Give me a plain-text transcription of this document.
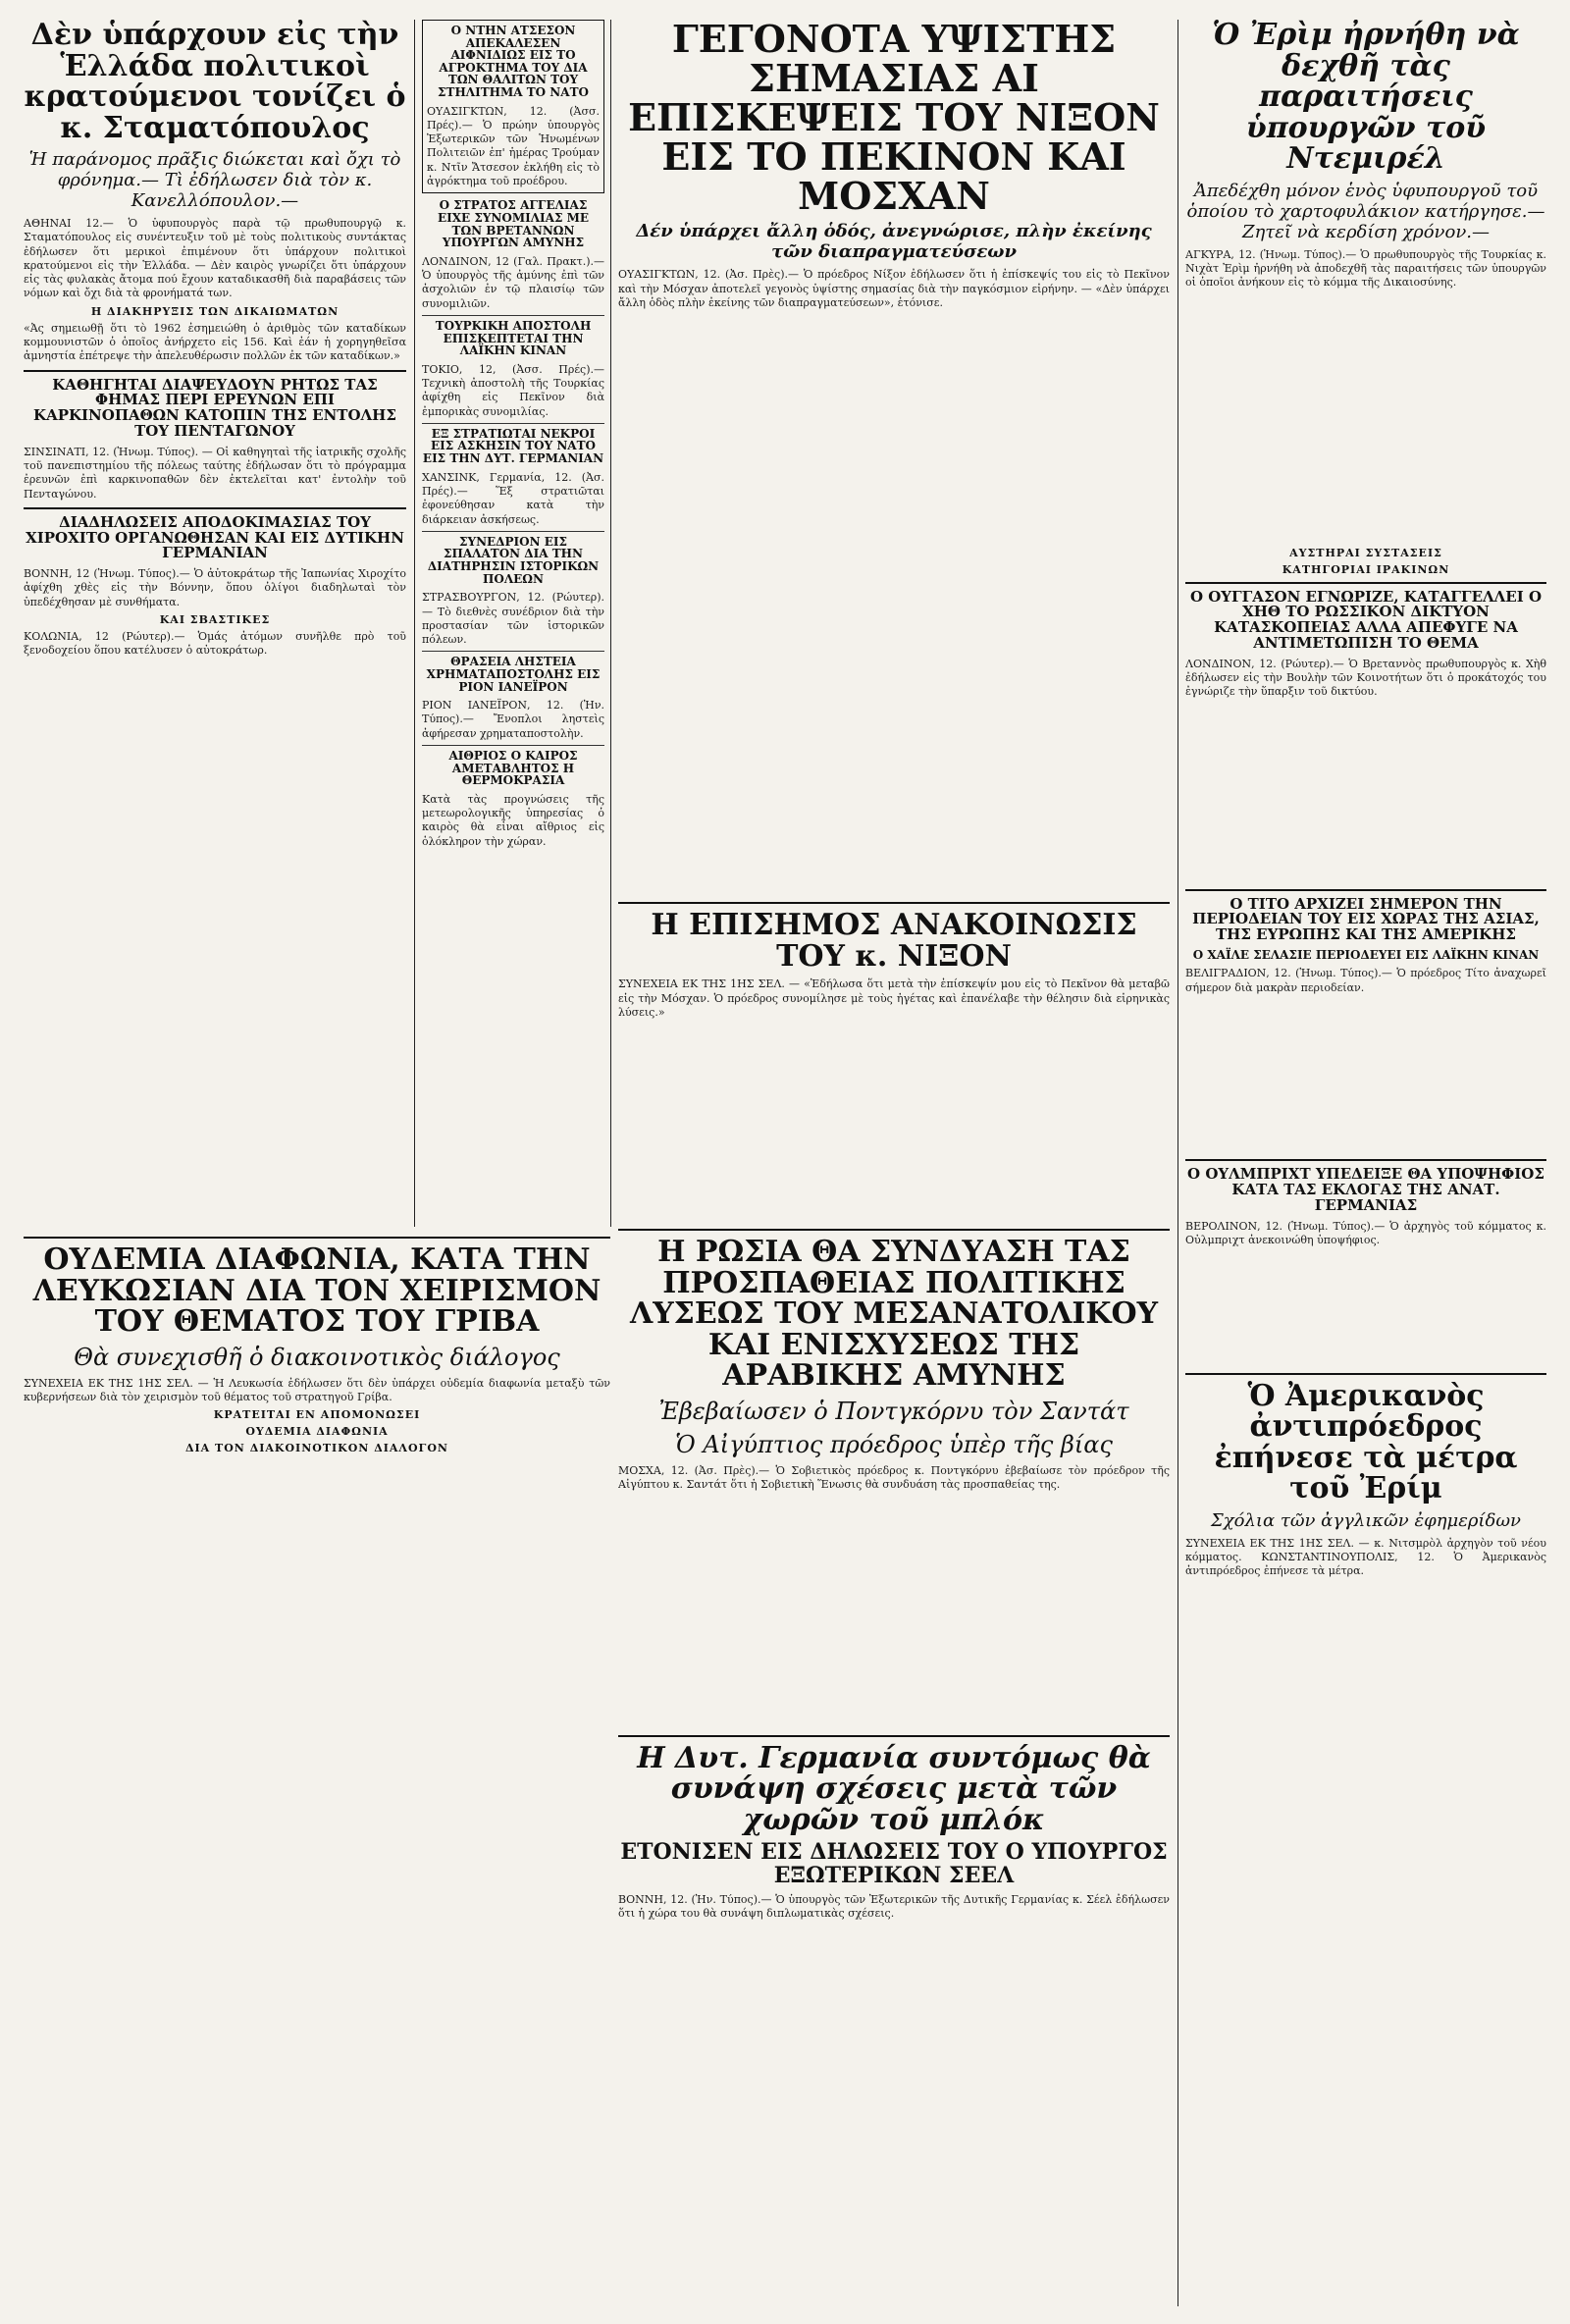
Δὲν ὑπάρχουν εἰς τὴν Ἑλλάδα πολιτικοὶ κρατούμενοι τονίζει ὁ κ. Σταματόπουλος
Ἡ παράνομος πρᾶξις διώκεται καὶ ὄχι τὸ φρόνημα.— Τὶ ἐδήλωσεν διὰ τὸν κ. Κανελλόπουλον.—

ΑΘΗΝΑΙ 12.— Ὁ ὑφυπουργὸς παρὰ τῷ πρωθυπουργῷ κ. Σταματόπουλος εἰς συνέντευξιν τοῦ μὲ τοὺς πολιτικοὺς συντάκτας ἐδήλωσεν ὅτι μερικοὶ ἐπιμένουν ὅτι ὑπάρχουν πολιτικοὶ κρατούμενοι εἰς τὴν Ἑλλάδα. — Δὲν καιρὸς γνωρίζει ὅτι ὑπάρχουν εἰς τὰς φυλακὰς ἄτομα πού ἔχουν καταδικασθῆ διὰ παραβάσεις τῶν νόμων καὶ ὄχι διὰ τὰ φρονήματά των.

Η ΔΙΑΚΗΡΥΞΙΣ ΤΩΝ ΔΙΚΑΙΩΜΑΤΩΝ

«Ἀς σημειωθῇ ὅτι τὸ 1962 ἐσημειώθη ὁ ἀριθμὸς τῶν καταδίκων κομμουνιστῶν ὁ ὁποῖος ἀνήρχετο εἰς 156. Καὶ ἐάν ἡ χορηγηθεῖσα ἀμνηστία ἐπέτρεψε τὴν ἀπελευθέρωσιν πολλῶν ἐκ τῶν καταδίκων.»

ΚΑΘΗΓΗΤΑΙ ΔΙΑΨΕΥΔΟΥΝ ΡΗΤΩΣ ΤΑΣ ΦΗΜΑΣ ΠΕΡΙ ΕΡΕΥΝΩΝ ΕΠΙ ΚΑΡΚΙΝΟΠΑΘΩΝ ΚΑΤΟΠΙΝ ΤΗΣ ΕΝΤΟΛΗΣ ΤΟΥ ΠΕΝΤΑΓΩΝΟΥ

ΣΙΝΣΙΝΑΤΙ, 12. (Ἡνωμ. Τύπος). — Οἱ καθηγηταὶ τῆς ἰατρικῆς σχολῆς τοῦ πανεπιστημίου τῆς πόλεως ταύτης ἐδήλωσαν ὅτι τὸ πρόγραμμα ἐρευνῶν ἐπὶ καρκινοπαθῶν δὲν ἐκτελεῖται κατ' ἐντολὴν τοῦ Πενταγώνου.

ΔΙΑΔΗΛΩΣΕΙΣ ΑΠΟΔΟΚΙΜΑΣΙΑΣ ΤΟΥ ΧΙΡΟΧΙΤΟ ΟΡΓΑΝΩΘΗΣΑΝ ΚΑΙ ΕΙΣ ΔΥΤΙΚΗΝ ΓΕΡΜΑΝΙΑΝ

ΒΟΝΝΗ, 12 (Ἡνωμ. Τύπος).— Ὁ ἀὐτοκράτωρ τῆς Ἰαπωνίας Χιροχίτο ἀφίχθη χθὲς εἰς τὴν Βόννην, ὅπου ὀλίγοι διαδηλωταὶ τὸν ὑπεδέχθησαν μὲ συνθήματα.

ΚΑΙ ΣΒΑΣΤΙΚΕΣ

ΚΟΛΩΝΙΑ, 12 (Ρώυτερ).— Ὁμάς ἀτόμων συνῆλθε πρὸ τοῦ ξενοδοχείου ὅπου κατέλυσεν ὁ αὐτοκράτωρ.

Ο ΝΤΗΝ ΑΤΣΕΣΟΝ ΑΠΕΚΑΛΕΣΕΝ ΑΙΦΝΙΔΙΩΣ ΕΙΣ ΤΟ ΑΓΡΟΚΤΗΜΑ ΤΟΥ ΔΙΑ ΤΩΝ ΘΑΛΙΤΩΝ ΤΟΥ ΣΤΗΛΙΤΗΜΑ ΤΟ ΝΑΤΟ

ΟΥΑΣΙΓΚΤΩΝ, 12. (Ἀσσ. Πρές).— Ὁ πρώην ὑπουργὸς Ἐξωτερικῶν τῶν Ἡνωμένων Πολιτειῶν ἐπ' ἡμέρας Τρούμαν κ. Ντῖν Ἄτσεσον ἐκλήθη εἰς τὸ ἀγρόκτημα τοῦ προέδρου.

Ο ΣΤΡΑΤΟΣ ΑΓΓΕΛΙΑΣ ΕΙΧΕ ΣΥΝΟΜΙΛΙΑΣ ΜΕ ΤΩΝ ΒΡΕΤΑΝΝΩΝ ΥΠΟΥΡΓΩΝ ΑΜΥΝΗΣ

ΛΟΝΔΙΝΟΝ, 12 (Γαλ. Πρακτ.).— Ὁ ὑπουργὸς τῆς ἀμύνης ἐπὶ τῶν ἀσχολιῶν ἐν τῷ πλαισίῳ τῶν συνομιλιῶν.

ΤΟΥΡΚΙΚΗ ΑΠΟΣΤΟΛΗ ΕΠΙΣΚΕΠΤΕΤΑΙ ΤΗΝ ΛΑΪΚΗΝ ΚΙΝΑΝ

ΤΟΚΙΟ, 12, (Ἀσσ. Πρές).— Τεχνικὴ ἀποστολὴ τῆς Τουρκίας ἀφίχθη εἰς Πεκῖνον διὰ ἐμπορικὰς συνομιλίας.

ΕΞ ΣΤΡΑΤΙΩΤΑΙ ΝΕΚΡΟΙ ΕΙΣ ΑΣΚΗΣΙΝ ΤΟΥ ΝΑΤΟ ΕΙΣ ΤΗΝ ΔΥΤ. ΓΕΡΜΑΝΙΑΝ

ΧΑΝΣΙΝΚ, Γερμανία, 12. (Ἀσ. Πρές).— Ἕξ στρατιῶται ἐφονεύθησαν κατὰ τὴν διάρκειαν ἀσκήσεως.

ΣΥΝΕΔΡΙΟΝ ΕΙΣ ΣΠΑΛΑΤΟΝ ΔΙΑ ΤΗΝ ΔΙΑΤΗΡΗΣΙΝ ΙΣΤΟΡΙΚΩΝ ΠΟΛΕΩΝ

ΣΤΡΑΣΒΟΥΡΓΟΝ, 12. (Ρώυτερ).— Τὸ διεθνὲς συνέδριον διὰ τὴν προστασίαν τῶν ἱστορικῶν πόλεων.

ΘΡΑΣΕΙΑ ΛΗΣΤΕΙΑ ΧΡΗΜΑΤΑΠΟΣΤΟΛΗΣ ΕΙΣ ΡΙΟΝ ΙΑΝΕΪΡΟΝ

ΡΙΟΝ ΙΑΝΕΪΡΟΝ, 12. (Ἡν. Τύπος).— Ἔνοπλοι ληστεὶς ἀφήρεσαν χρηματαποστολὴν.

ΑΙΘΡΙΟΣ Ο ΚΑΙΡΟΣ ΑΜΕΤΑΒΛΗΤΟΣ Η ΘΕΡΜΟΚΡΑΣΙΑ

Κατὰ τὰς προγνώσεις τῆς μετεωρολογικῆς ὑπηρεσίας ὁ καιρὸς θὰ εἶναι αἴθριος εἰς ὁλόκληρον τὴν χώραν.

ΓΕΓΟΝΟΤΑ ΥΨΙΣΤΗΣ ΣΗΜΑΣΙΑΣ ΑΙ ΕΠΙΣΚΕΨΕΙΣ ΤΟΥ ΝΙΞΟΝ ΕΙΣ ΤΟ ΠΕΚΙΝΟΝ ΚΑΙ ΜΟΣΧΑΝ
Δέν ὑπάρχει ἄλλη ὁδός, ἀνεγνώρισε, πλὴν ἐκείνης τῶν διαπραγματεύσεων

ΟΥΑΣΙΓΚΤΩΝ, 12. (Ἀσ. Πρὲς).— Ὁ πρόεδρος Νίξον ἐδήλωσεν ὅτι ἡ ἐπίσκεψίς του εἰς τὸ Πεκῖνον καὶ τὴν Μόσχαν ἀποτελεῖ γεγονὸς ὑψίστης σημασίας διὰ τὴν παγκόσμιον εἰρήνην. — «Δὲν ὑπάρχει ἄλλη ὁδὸς πλὴν ἐκείνης τῶν διαπραγματεύσεων», ἐτόνισε.

Η ΕΠΙΣΗΜΟΣ ΑΝΑΚΟΙΝΩΣΙΣ ΤΟΥ κ. ΝΙΞΟΝ

ΣΥΝΕΧΕΙΑ ΕΚ ΤΗΣ 1ΗΣ ΣΕΛ. — «Ἐδήλωσα ὅτι μετὰ τὴν ἐπίσκεψίν μου εἰς τὸ Πεκῖνον θὰ μεταβῶ εἰς τὴν Μόσχαν. Ὁ πρόεδρος συνομίλησε μὲ τοὺς ἡγέτας καὶ ἐπανέλαβε τὴν θέλησιν διὰ εἰρηνικὰς λύσεις.»

Η ΡΩΣΙΑ ΘΑ ΣΥΝΔΥΑΣΗ ΤΑΣ ΠΡΟΣΠΑΘΕΙΑΣ ΠΟΛΙΤΙΚΗΣ ΛΥΣΕΩΣ ΤΟΥ ΜΕΣΑΝΑΤΟΛΙΚΟΥ ΚΑΙ ΕΝΙΣΧΥΣΕΩΣ ΤΗΣ ΑΡΑΒΙΚΗΣ ΑΜΥΝΗΣ
Ἐβεβαίωσεν ὁ Ποντγκόρνυ τὸν Σαντάτ
Ὁ Αἰγύπτιος πρόεδρος ὑπὲρ τῆς βίας

ΜΟΣΧΑ, 12. (Ἀσ. Πρὲς).— Ὁ Σοβιετικὸς πρόεδρος κ. Ποντγκόρνυ ἐβεβαίωσε τὸν πρόεδρον τῆς Αἰγύπτου κ. Σαντάτ ὅτι ἡ Σοβιετικὴ Ἕνωσις θὰ συνδυάση τὰς προσπαθείας της.

Η Δυτ. Γερμανία συντόμως θὰ συνάψη σχέσεις μετὰ τῶν χωρῶν τοῦ μπλόκ
ΕΤΟΝΙΣΕΝ ΕΙΣ ΔΗΛΩΣΕΙΣ ΤΟΥ Ο ΥΠΟΥΡΓΟΣ ΕΞΩΤΕΡΙΚΩΝ ΣΕΕΛ

ΒΟΝΝΗ, 12. (Ἡν. Τύπος).— Ὁ ὑπουργὸς τῶν Ἐξωτερικῶν τῆς Δυτικῆς Γερμανίας κ. Σέελ ἐδήλωσεν ὅτι ἡ χώρα του θὰ συνάψη διπλωματικὰς σχέσεις.

Ὁ Ἐρὶμ ἠρνήθη νὰ δεχθῆ τὰς παραιτήσεις ὑπουργῶν τοῦ Ντεμιρέλ
Ἀπεδέχθη μόνον ἑνὸς ὑφυπουργοῦ τοῦ ὁποίου τὸ χαρτοφυλάκιον κατήργησε.— Ζητεῖ νὰ κερδίση χρόνον.—

ΑΓΚΥΡΑ, 12. (Ἡνωμ. Τύπος).— Ὁ πρωθυπουργὸς τῆς Τουρκίας κ. Νιχὰτ Ἐρὶμ ἠρνήθη νὰ ἀποδεχθῆ τὰς παραιτήσεις τῶν ὑπουργῶν οἱ ὁποῖοι ἀνήκουν εἰς τὸ κόμμα τῆς Δικαιοσύνης.

ΑΥΣΤΗΡΑΙ ΣΥΣΤΑΣΕΙΣ
ΚΑΤΗΓΟΡΙΑΙ ΙΡΑΚΙΝΩΝ
Ο ΟΥΓΓΑΣΟΝ ΕΓΝΩΡΙΖΕ, ΚΑΤΑΓΓΕΛΛΕΙ Ο ΧΗΘ ΤΟ ΡΩΣΣΙΚΟΝ ΔΙΚΤΥΟΝ ΚΑΤΑΣΚΟΠΕΙΑΣ ΑΛΛΑ ΑΠΕΦΥΓΕ ΝΑ ΑΝΤΙΜΕΤΩΠΙΣΗ ΤΟ ΘΕΜΑ

ΛΟΝΔΙΝΟΝ, 12. (Ρώυτερ).— Ὁ Βρεταννὸς πρωθυπουργὸς κ. Χὴθ ἐδήλωσεν εἰς τὴν Βουλὴν τῶν Κοινοτήτων ὅτι ὁ προκάτοχός του ἐγνώριζε τὴν ὕπαρξιν τοῦ δικτύου.

Ο ΤΙΤΟ ΑΡΧΙΖΕΙ ΣΗΜΕΡΟΝ ΤΗΝ ΠΕΡΙΟΔΕΙΑΝ ΤΟΥ ΕΙΣ ΧΩΡΑΣ ΤΗΣ ΑΣΙΑΣ, ΤΗΣ ΕΥΡΩΠΗΣ ΚΑΙ ΤΗΣ ΑΜΕΡΙΚΗΣ
Ο ΧΑΪΛΕ ΣΕΛΑΣΙΕ ΠΕΡΙΟΔΕΥΕΙ ΕΙΣ ΛΑΪΚΗΝ ΚΙΝΑΝ

ΒΕΛΙΓΡΑΔΙΟΝ, 12. (Ἡνωμ. Τύπος).— Ὁ πρόεδρος Τίτο ἀναχωρεῖ σήμερον διὰ μακρὰν περιοδείαν.

Ο ΟΥΛΜΠΡΙΧΤ ΥΠΕΔΕΙΞΕ ΘΑ ΥΠΟΨΗΦΙΟΣ ΚΑΤΑ ΤΑΣ ΕΚΛΟΓΑΣ ΤΗΣ ΑΝΑΤ. ΓΕΡΜΑΝΙΑΣ

ΒΕΡΟΛΙΝΟΝ, 12. (Ἡνωμ. Τύπος).— Ὁ ἀρχηγὸς τοῦ κόμματος κ. Οὐλμπριχτ ἀνεκοινώθη ὑποψήφιος.

Ὁ Ἀμερικανὸς ἀντιπρόεδρος ἐπήνεσε τὰ μέτρα τοῦ Ἐρίμ
Σχόλια τῶν ἀγγλικῶν ἐφημερίδων

ΣΥΝΕΧΕΙΑ ΕΚ ΤΗΣ 1ΗΣ ΣΕΛ. — κ. Νιτσμρὸλ ἀρχηγὸν τοῦ νέου κόμματος. ΚΩΝΣΤΑΝΤΙΝΟΥΠΟΛΙΣ, 12. Ὁ Ἀμερικανὸς ἀντιπρόεδρος ἐπήνεσε τὰ μέτρα.

ΟΥΔΕΜΙΑ ΔΙΑΦΩΝΙΑ, ΚΑΤΑ ΤΗΝ ΛΕΥΚΩΣΙΑΝ ΔΙΑ ΤΟΝ ΧΕΙΡΙΣΜΟΝ ΤΟΥ ΘΕΜΑΤΟΣ ΤΟΥ ΓΡΙΒΑ
Θὰ συνεχισθῆ ὁ διακοινοτικὸς διάλογος

ΣΥΝΕΧΕΙΑ ΕΚ ΤΗΣ 1ΗΣ ΣΕΛ. — Ἡ Λευκωσία ἐδήλωσεν ὅτι δὲν ὑπάρχει οὐδεμία διαφωνία μεταξὺ τῶν κυβερνήσεων διὰ τὸν χειρισμὸν τοῦ θέματος τοῦ στρατηγοῦ Γρίβα.

ΚΡΑΤΕΙΤΑΙ ΕΝ ΑΠΟΜΟΝΩΣΕΙ
ΟΥΔΕΜΙΑ ΔΙΑΦΩΝΙΑ
ΔΙΑ ΤΟΝ ΔΙΑΚΟΙΝΟΤΙΚΟΝ ΔΙΑΛΟΓΟΝ
